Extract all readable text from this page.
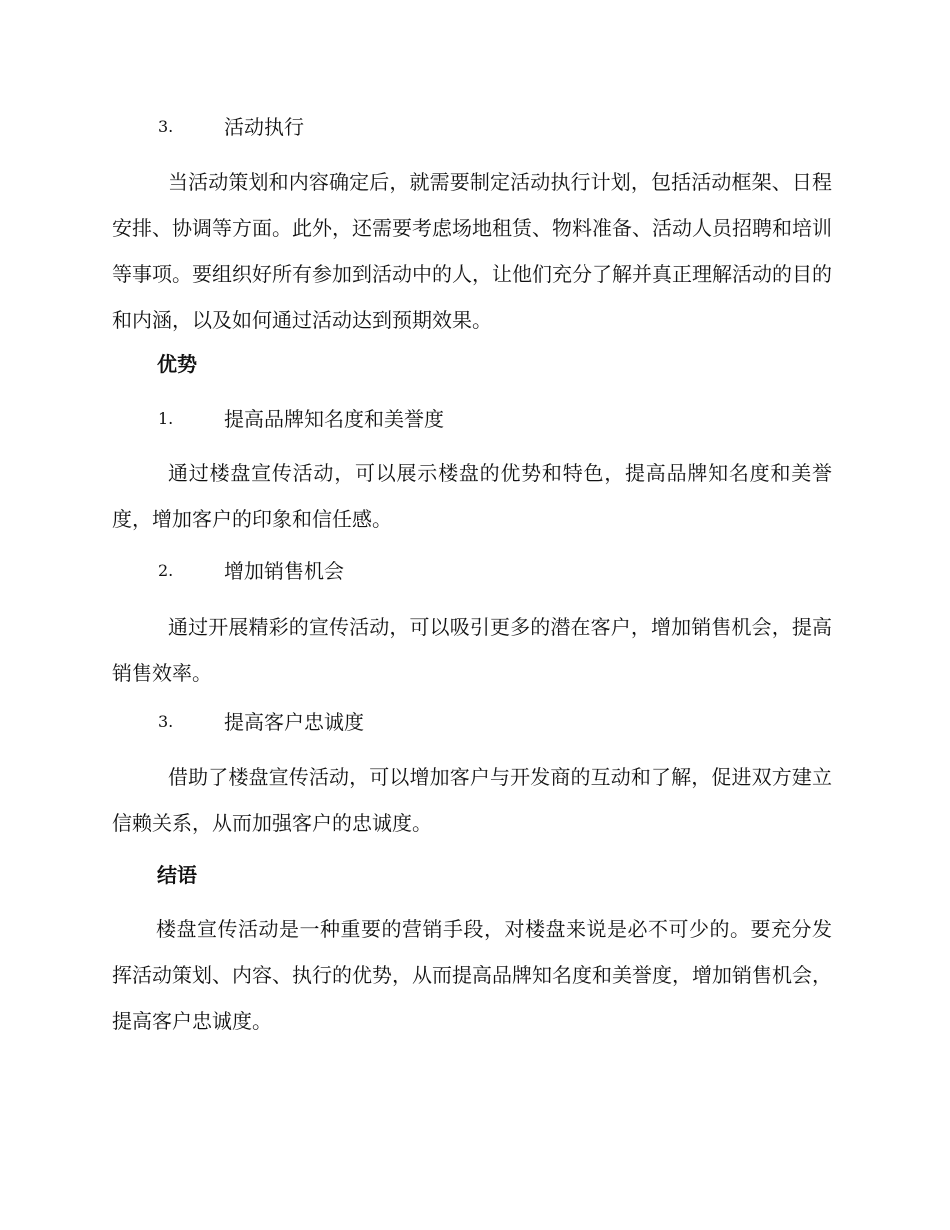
3.	活动执行

当活动策划和内容确定后，就需要制定活动执行计划，包括活动框架、日程安排、协调等方面。此外，还需要考虑场地租赁、物料准备、活动人员招聘和培训等事项。要组织好所有参加到活动中的人，让他们充分了解并真正理解活动的目的和内涵，以及如何通过活动达到预期效果。

优势
1.	提高品牌知名度和美誉度

通过楼盘宣传活动，可以展示楼盘的优势和特色，提高品牌知名度和美誉度，增加客户的印象和信任感。

2.	增加销售机会

通过开展精彩的宣传活动，可以吸引更多的潜在客户，增加销售机会，提高销售效率。

3.	提高客户忠诚度

借助了楼盘宣传活动，可以增加客户与开发商的互动和了解，促进双方建立信赖关系，从而加强客户的忠诚度。

结语

楼盘宣传活动是一种重要的营销手段，对楼盘来说是必不可少的。要充分发挥活动策划、内容、执行的优势，从而提高品牌知名度和美誉度，增加销售机会，提高客户忠诚度。
